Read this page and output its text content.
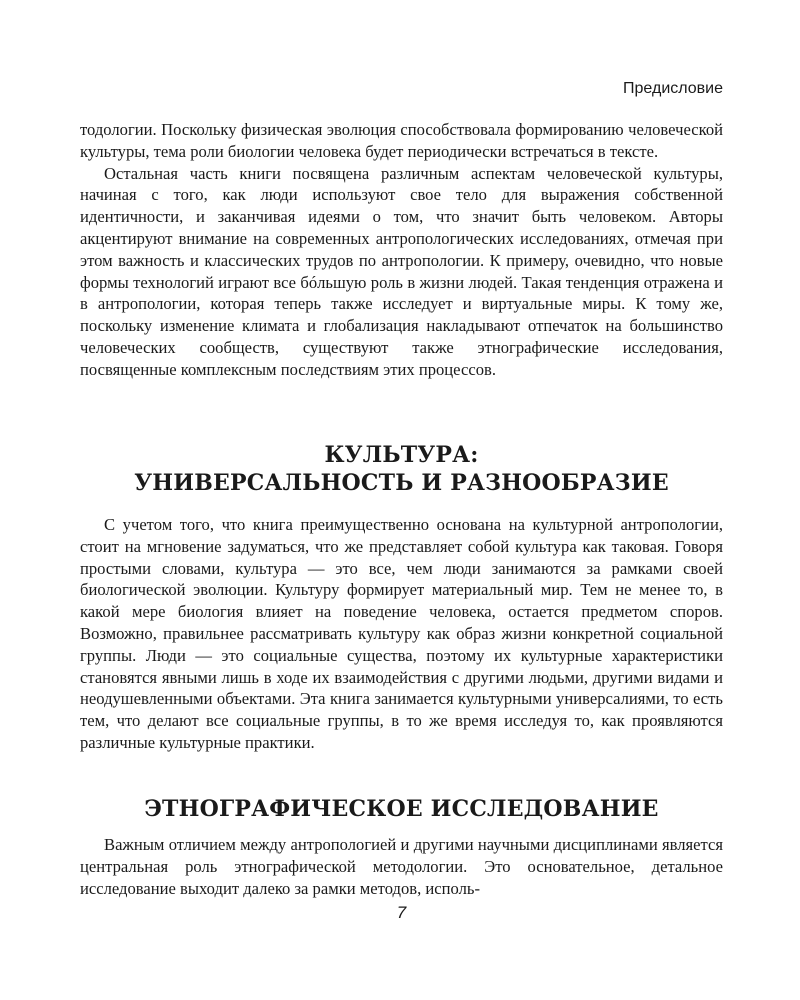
Предисловие

тодологии. Поскольку физическая эволюция способствовала формированию человеческой культуры, тема роли биологии человека будет периодически встречаться в тексте.

Остальная часть книги посвящена различным аспектам человеческой культуры, начиная с того, как люди используют свое тело для выражения собственной идентичности, и заканчивая идеями о том, что значит быть человеком. Авторы акцентируют внимание на современных антропологических исследованиях, отмечая при этом важность и классических трудов по антропологии. К примеру, очевидно, что новые формы технологий играют все бóльшую роль в жизни людей. Такая тенденция отражена и в антропологии, которая теперь также исследует и виртуальные миры. К тому же, поскольку изменение климата и глобализация накладывают отпечаток на большинство человеческих сообществ, существуют также этнографические исследования, посвященные комплексным последствиям этих процессов.

КУЛЬТУРА:

УНИВЕРСАЛЬНОСТЬ И РАЗНООБРАЗИЕ

С учетом того, что книга преимущественно основана на культурной антропологии, стоит на мгновение задуматься, что же представляет собой культура как таковая. Говоря простыми словами, культура — это все, чем люди занимаются за рамками своей биологической эволюции. Культуру формирует материальный мир. Тем не менее то, в какой мере биология влияет на поведение человека, остается предметом споров. Возможно, правильнее рассматривать культуру как образ жизни конкретной социальной группы. Люди — это социальные существа, поэтому их культурные характеристики становятся явными лишь в ходе их взаимодействия с другими людьми, другими видами и неодушевленными объектами. Эта книга занимается культурными универсалиями, то есть тем, что делают все социальные группы, в то же время исследуя то, как проявляются различные культурные практики.

ЭТНОГРАФИЧЕСКОЕ ИССЛЕДОВАНИЕ

Важным отличием между антропологией и другими научными дисциплинами является центральная роль этнографической методологии. Это основательное, детальное исследование выходит далеко за рамки методов, исполь-

7
